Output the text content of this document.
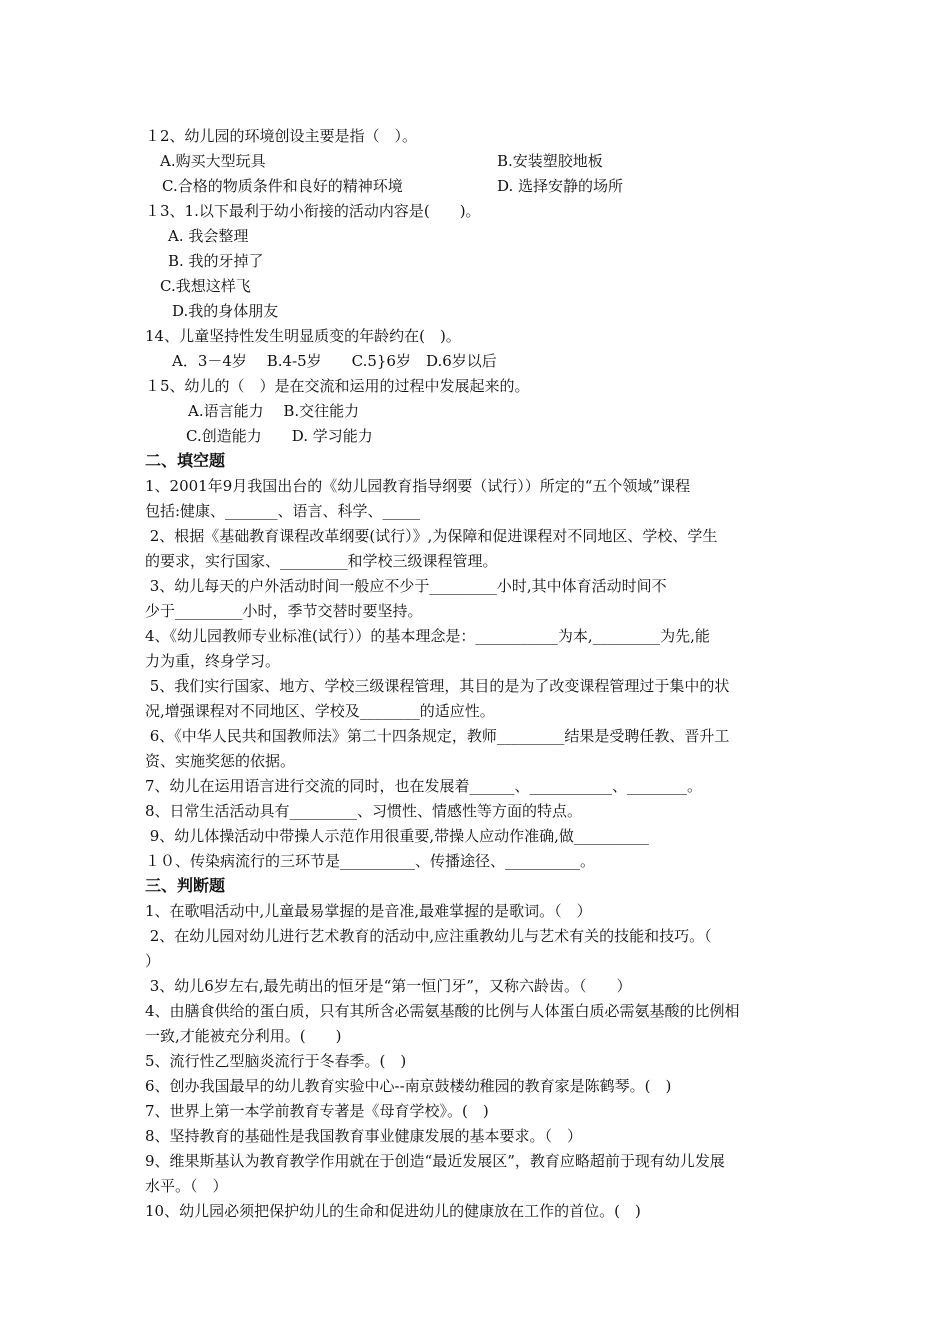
１2、幼儿园的环境创设主要是指（　）。

A.购买大型玩具	B.安装塑胶地板
C.合格的物质条件和良好的精神环境	D. 选择安静的场所

１3、1.以下最利于幼小衔接的活动内容是(　　)。

A. 我会整理
B. 我的牙掉了
C.我想这样飞
D.我的身体朋友

14、儿童坚持性发生明显质变的年龄约在(　)。

A．3－4岁　 B.4-5岁　　C.5}6岁　D.6岁以后

１5、幼儿的（　）是在交流和运用的过程中发展起来的。

A.语言能力　 B.交往能力
C.创造能力　　D. 学习能力

二、填空题

1、2001年9月我国出台的《幼儿园教育指导纲要（试行））所定的“五个领域”课程

包括:健康、_______、语言、科学、_____

2、根据《基础教育课程改革纲要(试行）》,为保障和促进课程对不同地区、学校、学生

的要求，实行国家、_________和学校三级课程管理。

3、幼儿每天的户外活动时间一般应不少于_________小时,其中体育活动时间不

少于_________小时，季节交替时要坚持。

4、《幼儿园教师专业标准(试行））的基本理念是：___________为本,_________为先,能

力为重，终身学习。

5、我们实行国家、地方、学校三级课程管理，其目的是为了改变课程管理过于集中的状

况,增强课程对不同地区、学校及________的适应性。

6、《中华人民共和国教师法》第二十四条规定，教师_________结果是受聘任教、晋升工

资、实施奖惩的依据。

7、幼儿在运用语言进行交流的同时，也在发展着______、___________、________。

8、日常生活活动具有_________、习惯性、情感性等方面的特点。

9、幼儿体操活动中带操人示范作用很重要,带操人应动作准确,做__________

１０、传染病流行的三环节是__________、传播途径、__________。

三、判断题

1、在歌唱活动中,儿童最易掌握的是音准,最难掌握的是歌词。（　）

2、在幼儿园对幼儿进行艺术教育的活动中,应注重教幼儿与艺术有关的技能和技巧。（

）

3、幼儿6岁左右,最先萌出的恒牙是“第一恒门牙”，又称六龄齿。（　　）

4、由膳食供给的蛋白质，只有其所含必需氨基酸的比例与人体蛋白质必需氨基酸的比例相

一致,才能被充分利用。(　　)

5、流行性乙型脑炎流行于冬春季。(　)

6、创办我国最早的幼儿教育实验中心--南京鼓楼幼稚园的教育家是陈鹤琴。(　)

7、世界上第一本学前教育专著是《母育学校》。(　)

8、坚持教育的基础性是我国教育事业健康发展的基本要求。（　）

9、维果斯基认为教育教学作用就在于创造“最近发展区”，教育应略超前于现有幼儿发展

水平。（　）

10、幼儿园必须把保护幼儿的生命和促进幼儿的健康放在工作的首位。(　)
